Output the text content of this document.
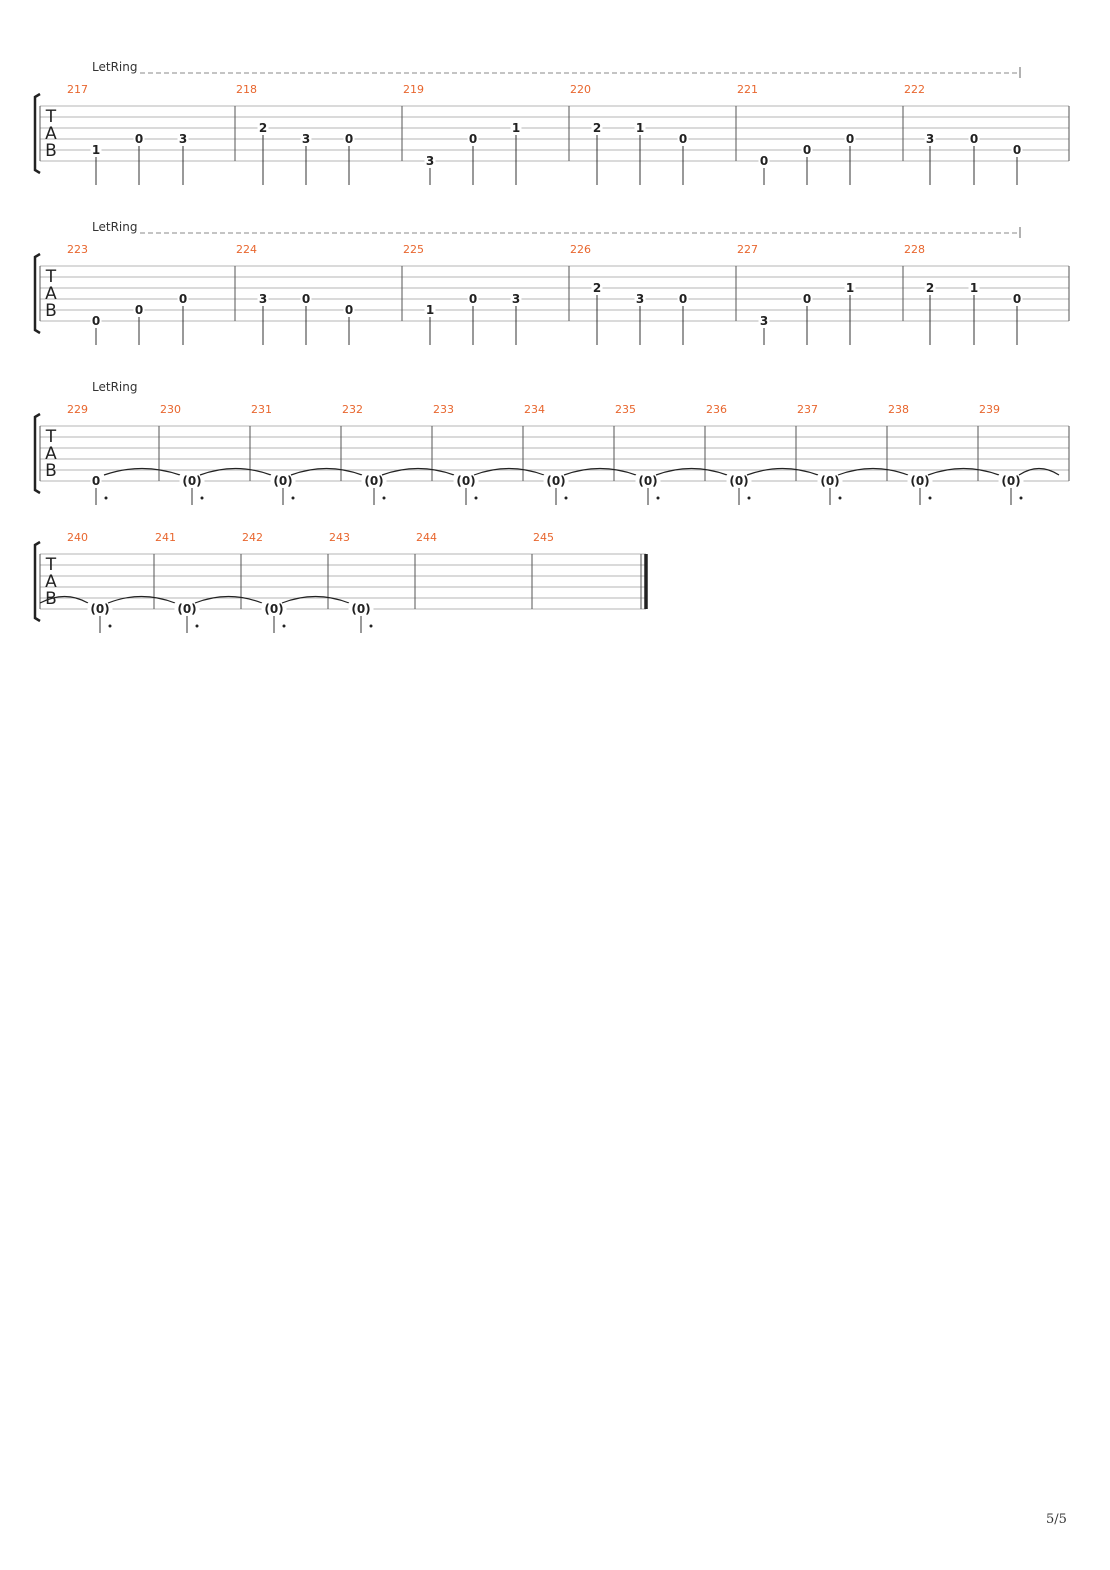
T
A
B
LetRing
217
1
0	3
218
2
3	0
219
3
0
1
220
2	1
0
221
0
0
0
222
3	0
0
T
A
B
LetRing
223
0
0
0
224
3	0
0
225
1
0	3
226
2
3	0
227
3
0
1
228
2	1
0
T
A
B
LetRing
229
0
230
(0)
231
(0)
232
(0)
233
(0)
234
(0)
235
(0)
236
(0)
237
(0)
238
(0)
239
(0)
T
A
B
240
(0)
241
(0)
242
(0)
243
(0)
244	245
5/5
